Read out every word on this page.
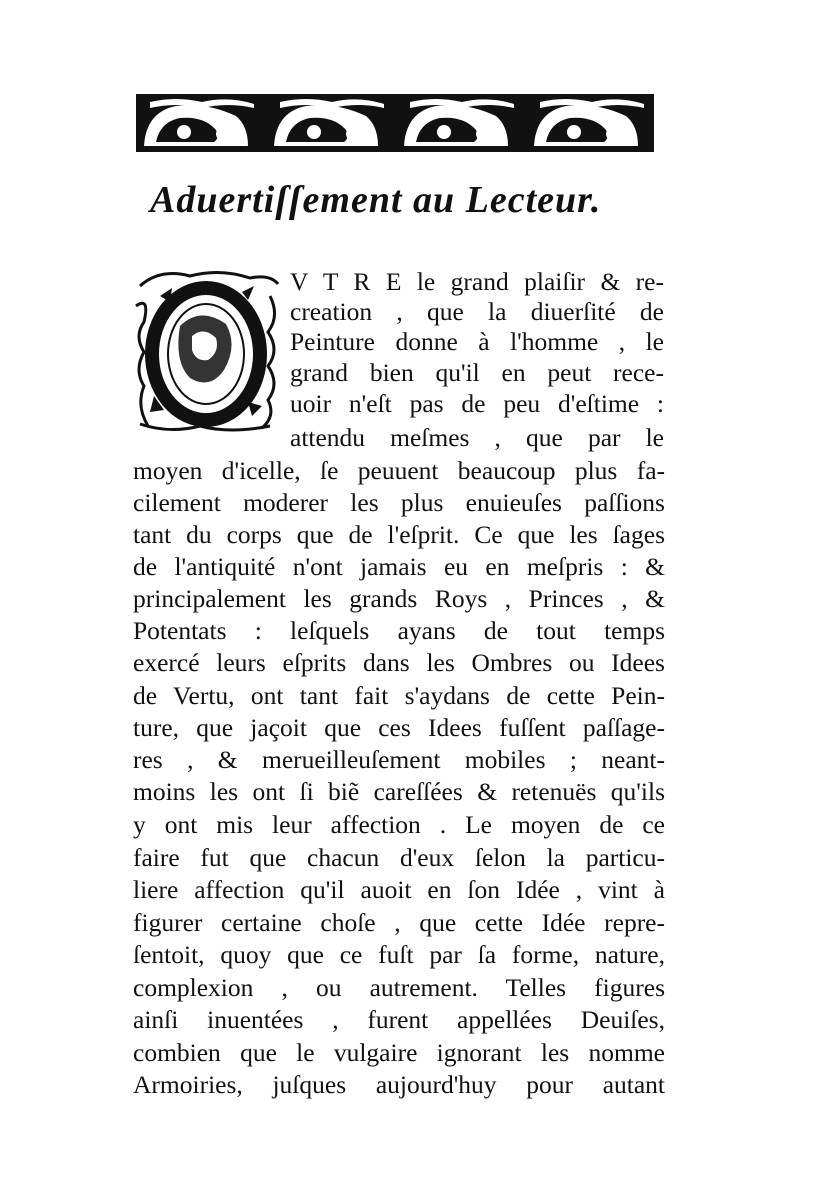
Aduertiſſement au Lecteur.
V T R E le grand plaiſir & re-
creation , que la diuerſité de
Peinture donne à l'homme , le
grand bien qu'il en peut rece-
uoir n'eſt pas de peu d'eſtime :
attendu meſmes , que par le
moyen d'icelle, ſe peuuent beaucoup plus fa-
cilement moderer les plus enuieuſes paſſions
tant du corps que de l'eſprit. Ce que les ſages
de l'antiquité n'ont jamais eu en meſpris : &
principalement les grands Roys , Princes , &
Potentats : leſquels ayans de tout temps
exercé leurs eſprits dans les Ombres ou Idees
de Vertu, ont tant fait s'aydans de cette Pein-
ture, que jaçoit que ces Idees fuſſent paſſage-
res , & merueilleuſement mobiles ; neant-
moins les ont ſi biẽ careſſées & retenuës qu'ils
y ont mis leur affection . Le moyen de ce
faire fut que chacun d'eux ſelon la particu-
liere affection qu'il auoit en ſon Idée , vint à
figurer certaine choſe , que cette Idée repre-
ſentoit, quoy que ce fuſt par ſa forme, nature,
complexion , ou autrement. Telles figures
ainſi inuentées , furent appellées Deuiſes,
combien que le vulgaire ignorant les nomme
Armoiries, juſques aujourd'huy pour autant
